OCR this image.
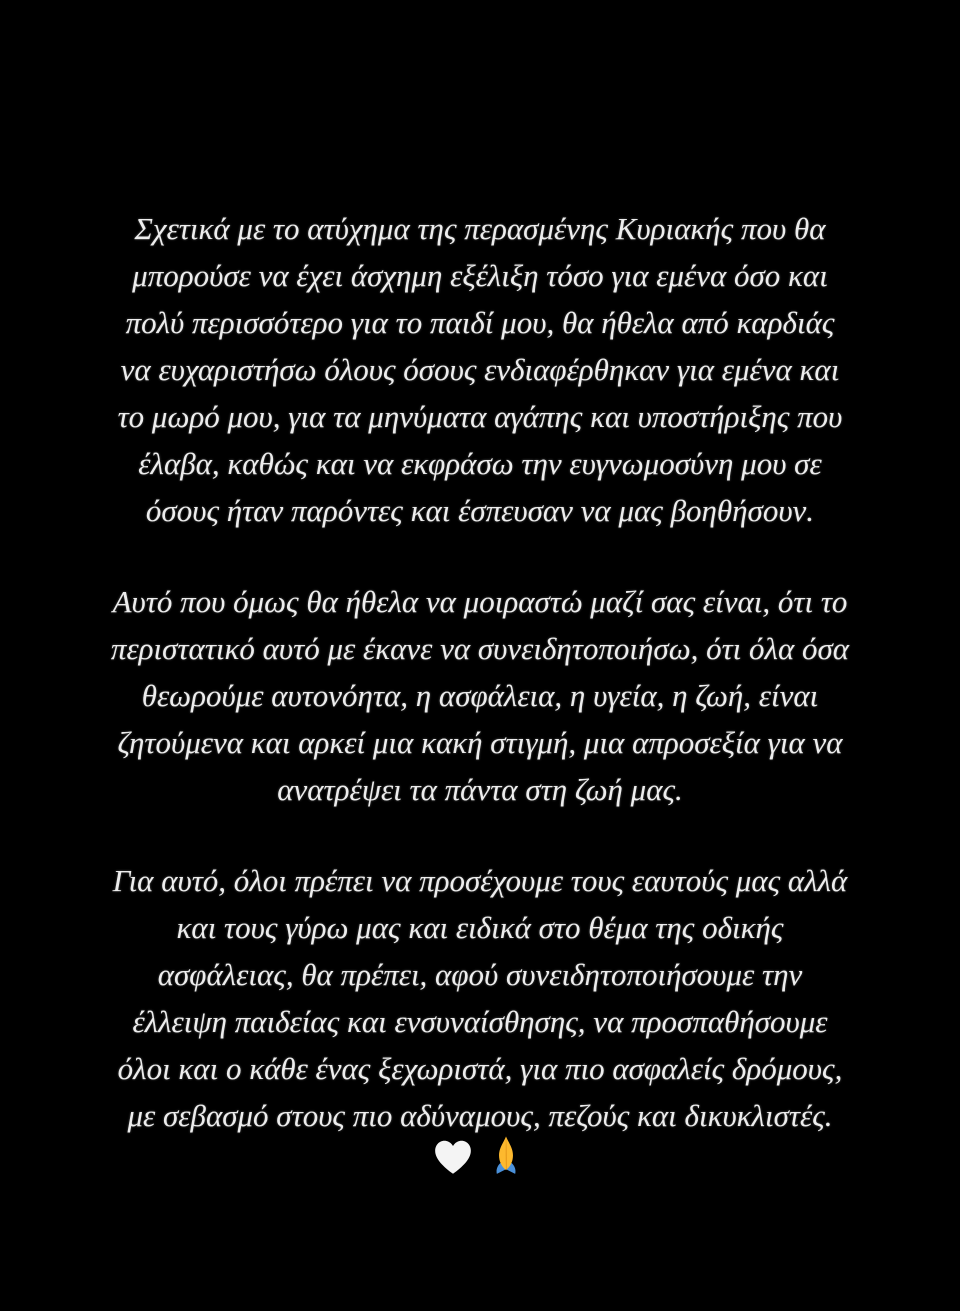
Σχετικά με το ατύχημα της περασμένης Κυριακής που θα
μπορούσε να έχει άσχημη εξέλιξη τόσο για εμένα όσο και
πολύ περισσότερο για το παιδί μου, θα ήθελα από καρδιάς
να ευχαριστήσω όλους όσους ενδιαφέρθηκαν για εμένα και
το μωρό μου, για τα μηνύματα αγάπης και υποστήριξης που
έλαβα, καθώς και να εκφράσω την ευγνωμοσύνη μου σε
όσους ήταν παρόντες και έσπευσαν να μας βοηθήσουν.

Αυτό που όμως θα ήθελα να μοιραστώ μαζί σας είναι, ότι το
περιστατικό αυτό με έκανε να συνειδητοποιήσω, ότι όλα όσα
θεωρούμε αυτονόητα, η ασφάλεια, η υγεία, η ζωή, είναι
ζητούμενα και αρκεί μια κακή στιγμή, μια απροσεξία για να
ανατρέψει τα πάντα στη ζωή μας.

Για αυτό, όλοι πρέπει να προσέχουμε τους εαυτούς μας αλλά
και τους γύρω μας και ειδικά στο θέμα της οδικής
ασφάλειας, θα πρέπει, αφού συνειδητοποιήσουμε την
έλλειψη παιδείας και ενσυναίσθησης, να προσπαθήσουμε
όλοι και ο κάθε ένας ξεχωριστά, για πιο ασφαλείς δρόμους,
με σεβασμό στους πιο αδύναμους, πεζούς και δικυκλιστές.
